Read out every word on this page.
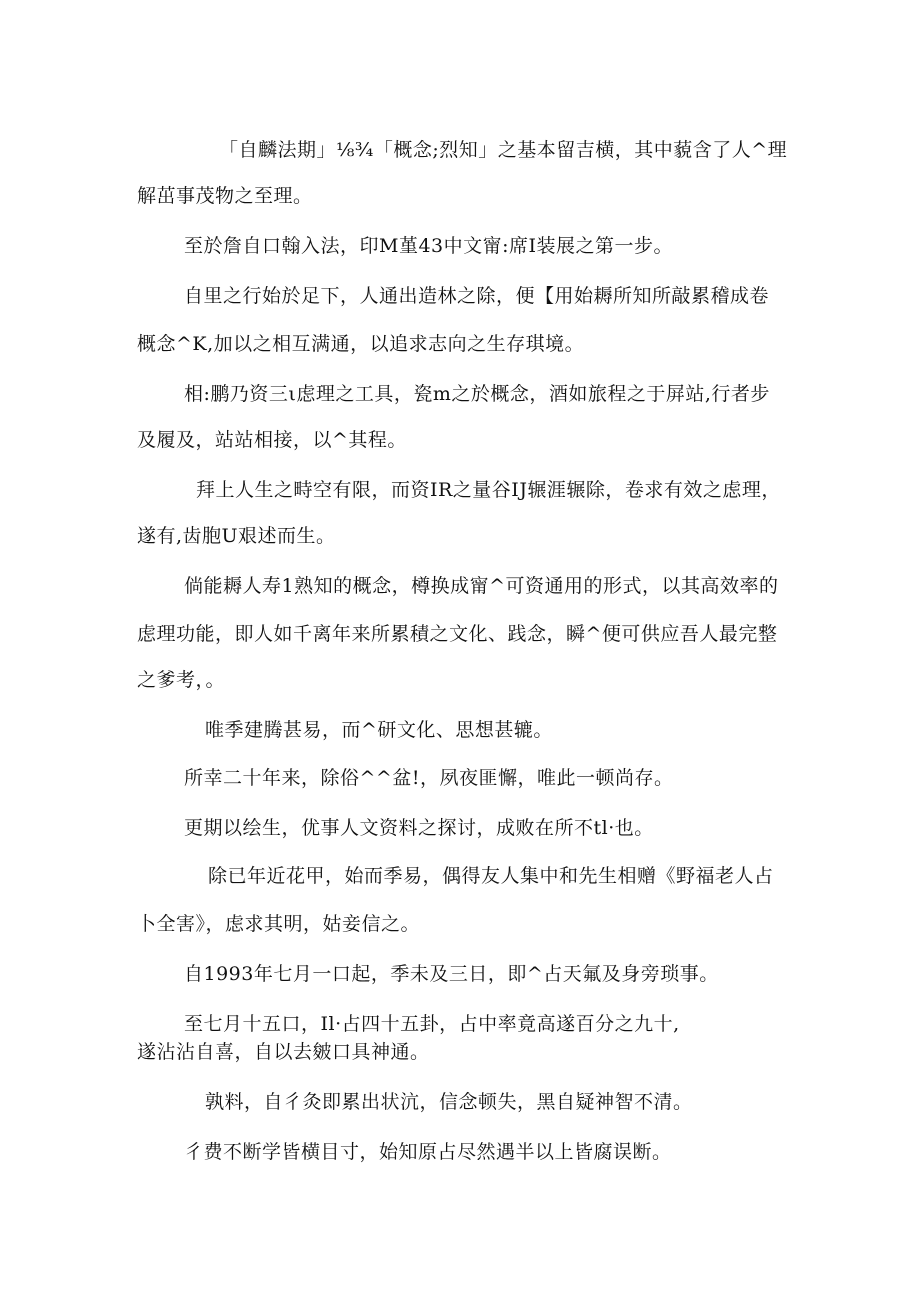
「自麟法期」⅛¾「概念;烈知」之基本留吉横，其中藐含了人^理

解茁事茂物之至理。

至於詹自口翰入法，印M堇43中文甯:席I装展之第一步。

自里之行始於足下，人通出造林之除，便【用始耨所知所敲累稽成卷

概念^K,加以之相互满通，以追求志向之生存琪境。

相:鹏乃资三ι虑理之工具，瓷m之於概念，酒如旅程之于屏站,行者步

及履及，站站相接，以^其程。

拜上人生之畤空有限，而资IR之量谷IJ辗涯辗除，卷求有效之虑理，

遂有,齿胞U艰述而生。

倘能耨人寿1熟知的概念，樽换成甯^可资通用的形式，以其高效率的

虑理功能，即人如千离年来所累積之文化、践念，瞬^便可供应吾人最完整

之爹考，。

唯季建腾甚易，而^研文化、思想甚辘。

所幸二十年来，除俗^^盆!，夙夜匪懈，唯此一顿尚存。

更期以绘生，优事人文资料之探讨，成败在所不tl·也。

除已年近花甲，始而季易，偶得友人集中和先生相赠《野福老人占

卜全害》，虑求其明，姑妾信之。

自1993年七月一口起，季未及三日，即^占天氟及身旁琐事。

至七月十五口，Il·占四十五卦，占中率竟高遂百分之九十,

遂沾沾自喜，自以去皴口具神通。

孰料，自彳灸即累出状沆，信念顿失，黑自疑神智不清。

彳费不断学皆横目寸，始知原占尽然遇半以上皆腐误断。
